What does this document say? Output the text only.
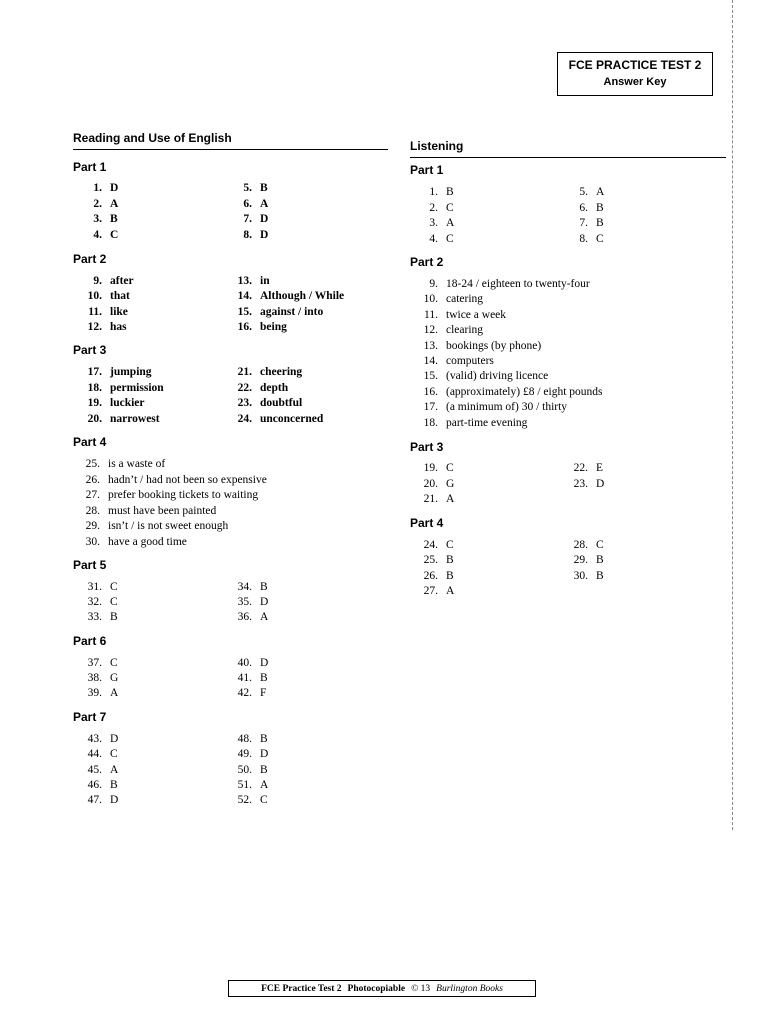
FCE PRACTICE TEST 2
Answer Key
Reading and Use of English
Listening
Part 1
1. D
2. A
3. B
4. C
5. B
6. A
7. D
8. D
Part 2
9. after
10. that
11. like
12. has
13. in
14. Although / While
15. against / into
16. being
Part 3
17. jumping
18. permission
19. luckier
20. narrowest
21. cheering
22. depth
23. doubtful
24. unconcerned
Part 4
25. is a waste of
26. hadn’t / had not been so expensive
27. prefer booking tickets to waiting
28. must have been painted
29. isn’t / is not sweet enough
30. have a good time
Part 5
31. C
32. C
33. B
34. B
35. D
36. A
Part 6
37. C
38. G
39. A
40. D
41. B
42. F
Part 7
43. D
44. C
45. A
46. B
47. D
48. B
49. D
50. B
51. A
52. C
Part 1
1. B
2. C
3. A
4. C
5. A
6. B
7. B
8. C
Part 2
9. 18-24 / eighteen to twenty-four
10. catering
11. twice a week
12. clearing
13. bookings (by phone)
14. computers
15. (valid) driving licence
16. (approximately) £8 / eight pounds
17. (a minimum of) 30 / thirty
18. part-time evening
Part 3
19. C
20. G
21. A
22. E
23. D
Part 4
24. C
25. B
26. B
27. A
28. C
29. B
30. B
FCE Practice Test 2 Photocopiable © 13 Burlington Books
